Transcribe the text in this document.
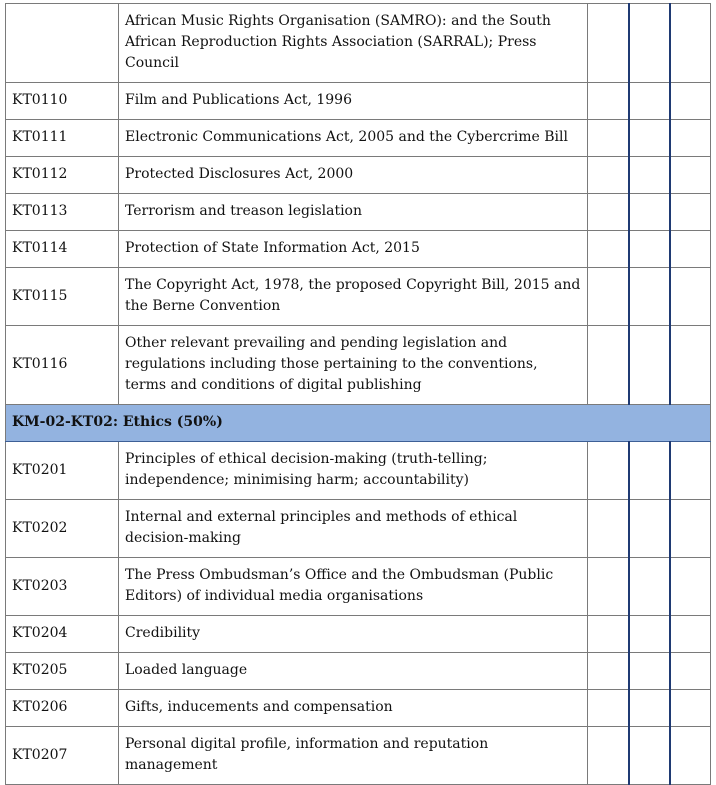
	African Music Rights Organisation (SAMRO): and the South African Reproduction Rights Association (SARRAL); Press Council			
KT0110	Film and Publications Act, 1996			
KT0111	Electronic Communications Act, 2005 and the Cybercrime Bill			
KT0112	Protected Disclosures Act, 2000			
KT0113	Terrorism and treason legislation			
KT0114	Protection of State Information Act, 2015			
KT0115	The Copyright Act, 1978, the proposed Copyright Bill, 2015 and the Berne Convention			
KT0116	Other relevant prevailing and pending legislation and regulations including those pertaining to the conventions, terms and conditions of digital publishing			
KM-02-KT02: Ethics (50%)				
KT0201	Principles of ethical decision-making (truth-telling; independence; minimising harm; accountability)			
KT0202	Internal and external principles and methods of ethical decision-making			
KT0203	The Press Ombudsman’s Office and the Ombudsman (Public Editors) of individual media organisations			
KT0204	Credibility			
KT0205	Loaded language			
KT0206	Gifts, inducements and compensation			
KT0207	Personal digital profile, information and reputation management			
